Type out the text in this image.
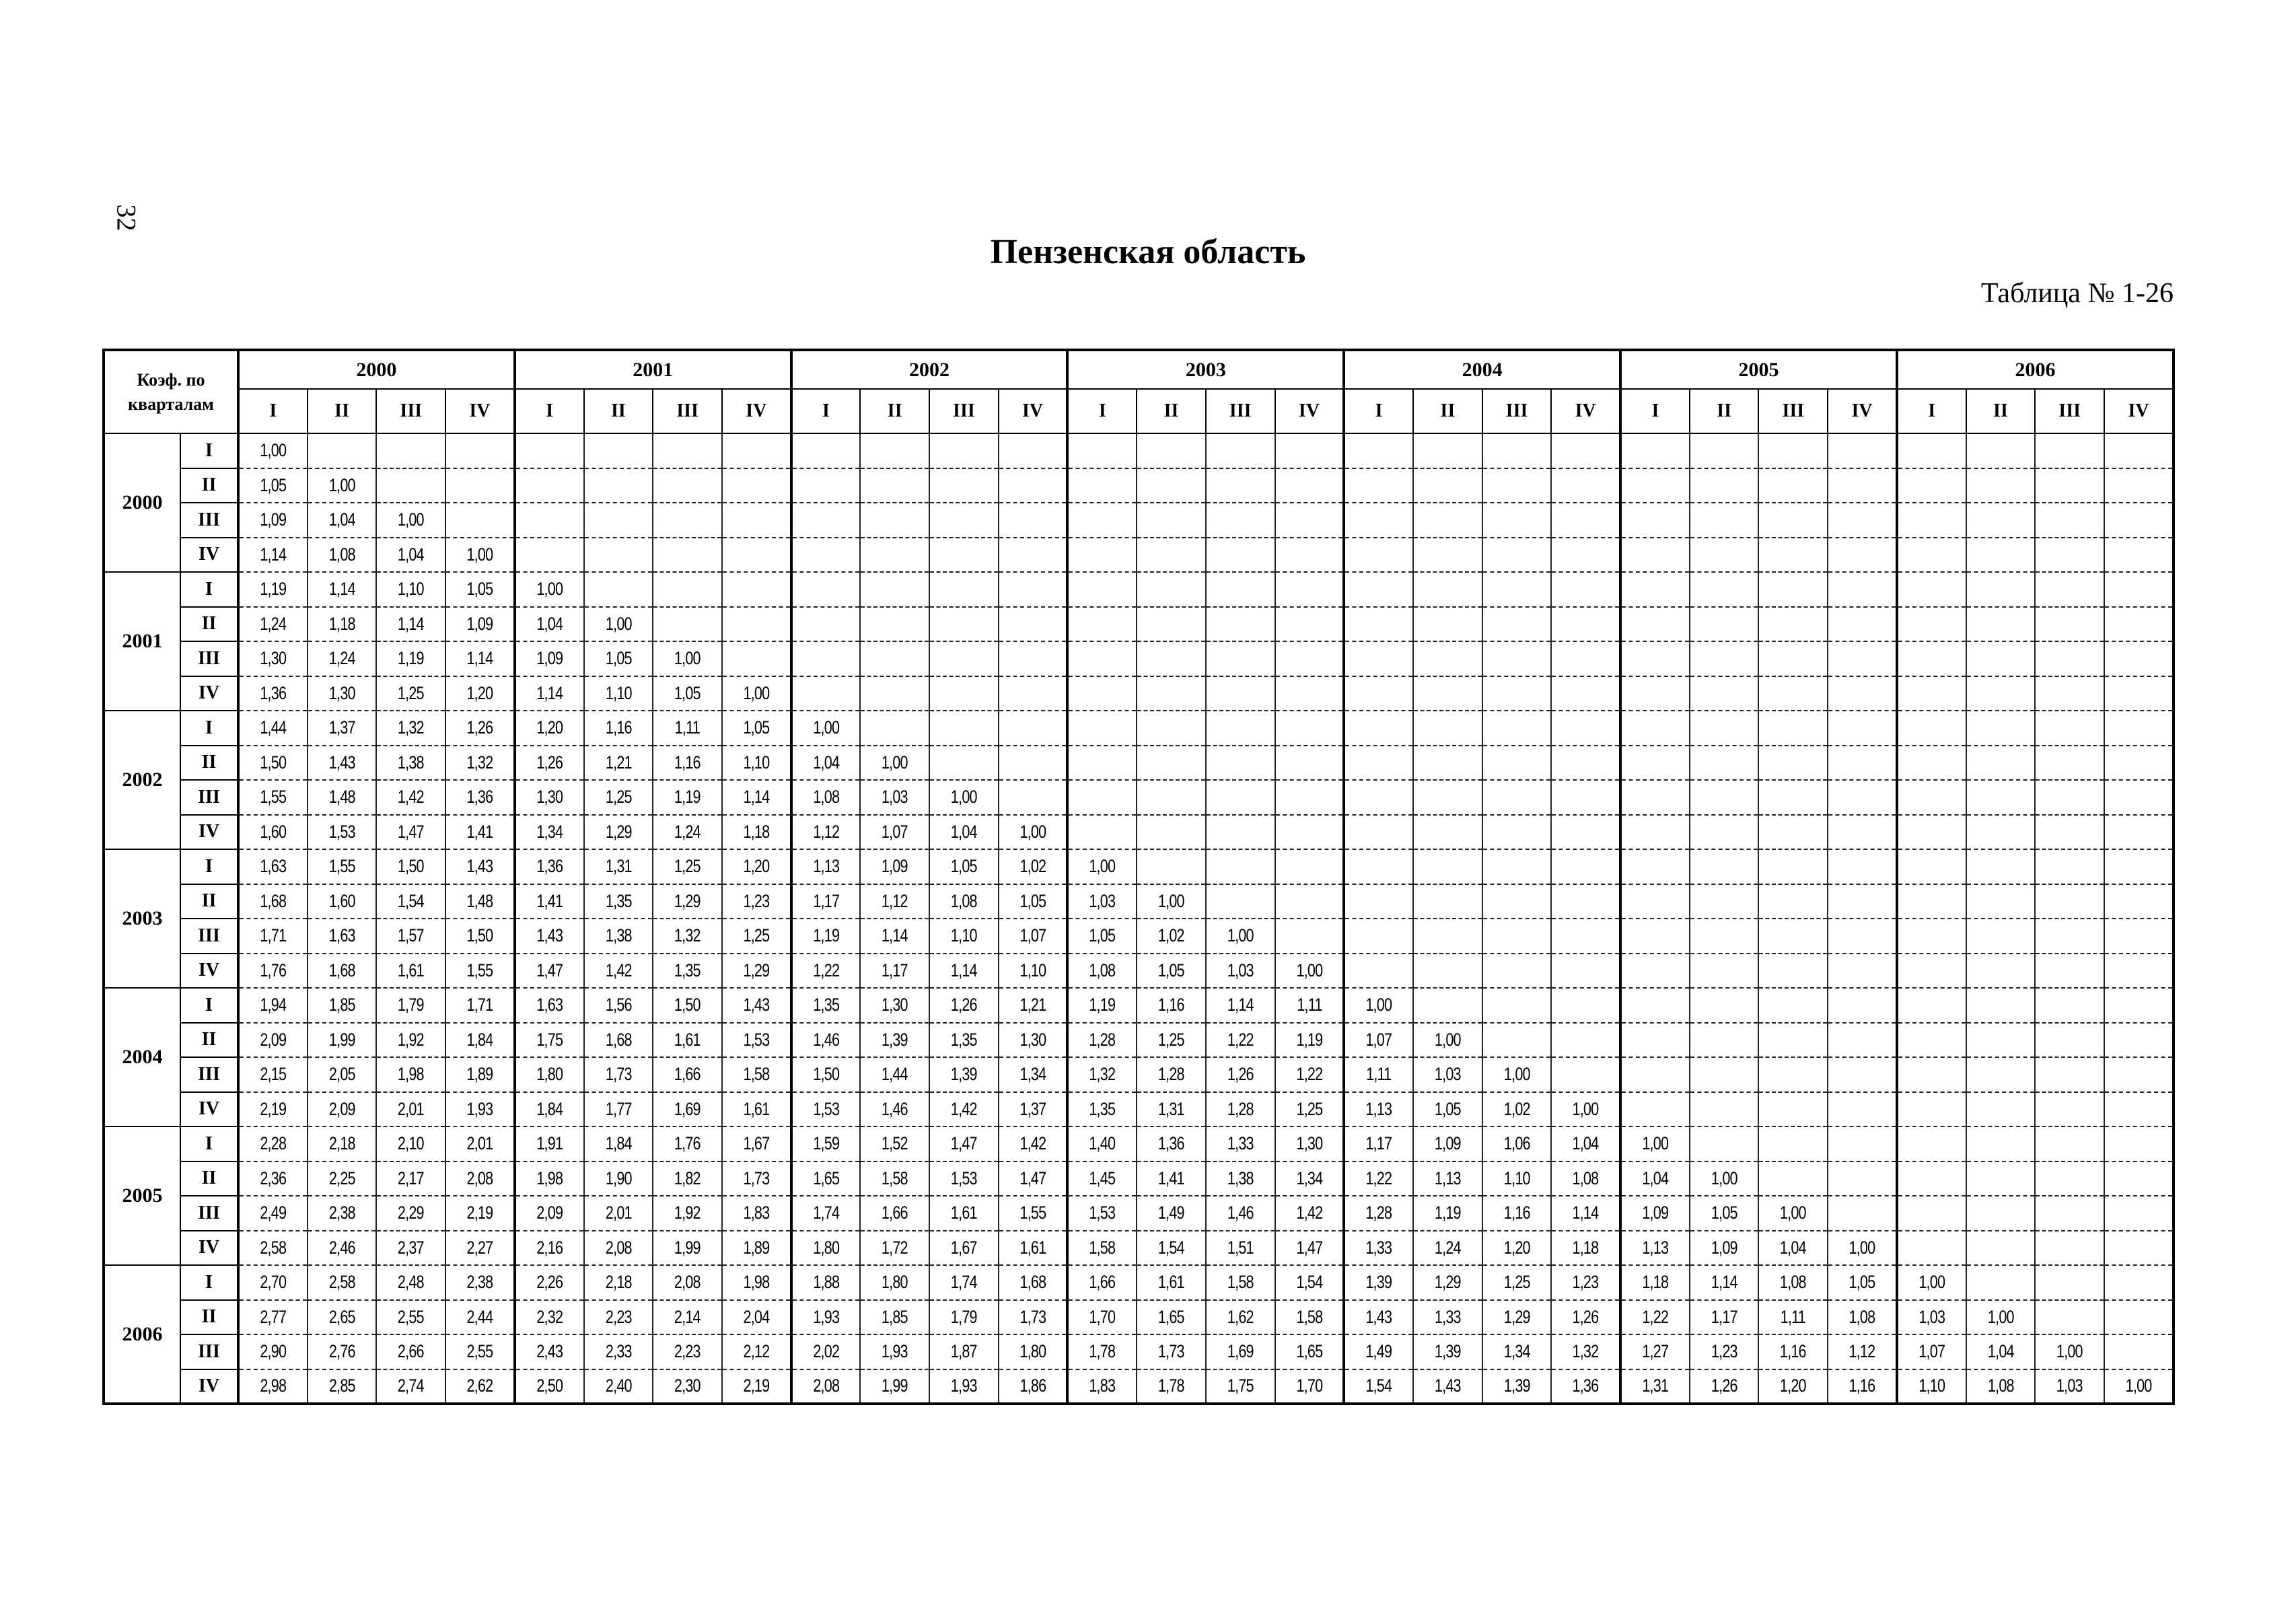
32
Пензенская область
Таблица № 1-26
Коэф. по
кварталам		2000				2001				2002				2003				2004				2005				2006			
		I	II	III	IV	I	II	III	IV	I	II	III	IV	I	II	III	IV	I	II	III	IV	I	II	III	IV	I	II	III	IV
2000	I	1,00																											
	II	1,05	1,00																										
	III	1,09	1,04	1,00																									
	IV	1,14	1,08	1,04	1,00																								
2001	I	1,19	1,14	1,10	1,05	1,00																							
	II	1,24	1,18	1,14	1,09	1,04	1,00																						
	III	1,30	1,24	1,19	1,14	1,09	1,05	1,00																					
	IV	1,36	1,30	1,25	1,20	1,14	1,10	1,05	1,00																				
2002	I	1,44	1,37	1,32	1,26	1,20	1,16	1,11	1,05	1,00																			
	II	1,50	1,43	1,38	1,32	1,26	1,21	1,16	1,10	1,04	1,00																		
	III	1,55	1,48	1,42	1,36	1,30	1,25	1,19	1,14	1,08	1,03	1,00																	
	IV	1,60	1,53	1,47	1,41	1,34	1,29	1,24	1,18	1,12	1,07	1,04	1,00																
2003	I	1,63	1,55	1,50	1,43	1,36	1,31	1,25	1,20	1,13	1,09	1,05	1,02	1,00															
	II	1,68	1,60	1,54	1,48	1,41	1,35	1,29	1,23	1,17	1,12	1,08	1,05	1,03	1,00														
	III	1,71	1,63	1,57	1,50	1,43	1,38	1,32	1,25	1,19	1,14	1,10	1,07	1,05	1,02	1,00													
	IV	1,76	1,68	1,61	1,55	1,47	1,42	1,35	1,29	1,22	1,17	1,14	1,10	1,08	1,05	1,03	1,00												
2004	I	1,94	1,85	1,79	1,71	1,63	1,56	1,50	1,43	1,35	1,30	1,26	1,21	1,19	1,16	1,14	1,11	1,00											
	II	2,09	1,99	1,92	1,84	1,75	1,68	1,61	1,53	1,46	1,39	1,35	1,30	1,28	1,25	1,22	1,19	1,07	1,00										
	III	2,15	2,05	1,98	1,89	1,80	1,73	1,66	1,58	1,50	1,44	1,39	1,34	1,32	1,28	1,26	1,22	1,11	1,03	1,00									
	IV	2,19	2,09	2,01	1,93	1,84	1,77	1,69	1,61	1,53	1,46	1,42	1,37	1,35	1,31	1,28	1,25	1,13	1,05	1,02	1,00								
2005	I	2,28	2,18	2,10	2,01	1,91	1,84	1,76	1,67	1,59	1,52	1,47	1,42	1,40	1,36	1,33	1,30	1,17	1,09	1,06	1,04	1,00							
	II	2,36	2,25	2,17	2,08	1,98	1,90	1,82	1,73	1,65	1,58	1,53	1,47	1,45	1,41	1,38	1,34	1,22	1,13	1,10	1,08	1,04	1,00						
	III	2,49	2,38	2,29	2,19	2,09	2,01	1,92	1,83	1,74	1,66	1,61	1,55	1,53	1,49	1,46	1,42	1,28	1,19	1,16	1,14	1,09	1,05	1,00					
	IV	2,58	2,46	2,37	2,27	2,16	2,08	1,99	1,89	1,80	1,72	1,67	1,61	1,58	1,54	1,51	1,47	1,33	1,24	1,20	1,18	1,13	1,09	1,04	1,00				
2006	I	2,70	2,58	2,48	2,38	2,26	2,18	2,08	1,98	1,88	1,80	1,74	1,68	1,66	1,61	1,58	1,54	1,39	1,29	1,25	1,23	1,18	1,14	1,08	1,05	1,00			
	II	2,77	2,65	2,55	2,44	2,32	2,23	2,14	2,04	1,93	1,85	1,79	1,73	1,70	1,65	1,62	1,58	1,43	1,33	1,29	1,26	1,22	1,17	1,11	1,08	1,03	1,00		
	III	2,90	2,76	2,66	2,55	2,43	2,33	2,23	2,12	2,02	1,93	1,87	1,80	1,78	1,73	1,69	1,65	1,49	1,39	1,34	1,32	1,27	1,23	1,16	1,12	1,07	1,04	1,00	
	IV	2,98	2,85	2,74	2,62	2,50	2,40	2,30	2,19	2,08	1,99	1,93	1,86	1,83	1,78	1,75	1,70	1,54	1,43	1,39	1,36	1,31	1,26	1,20	1,16	1,10	1,08	1,03	1,00
